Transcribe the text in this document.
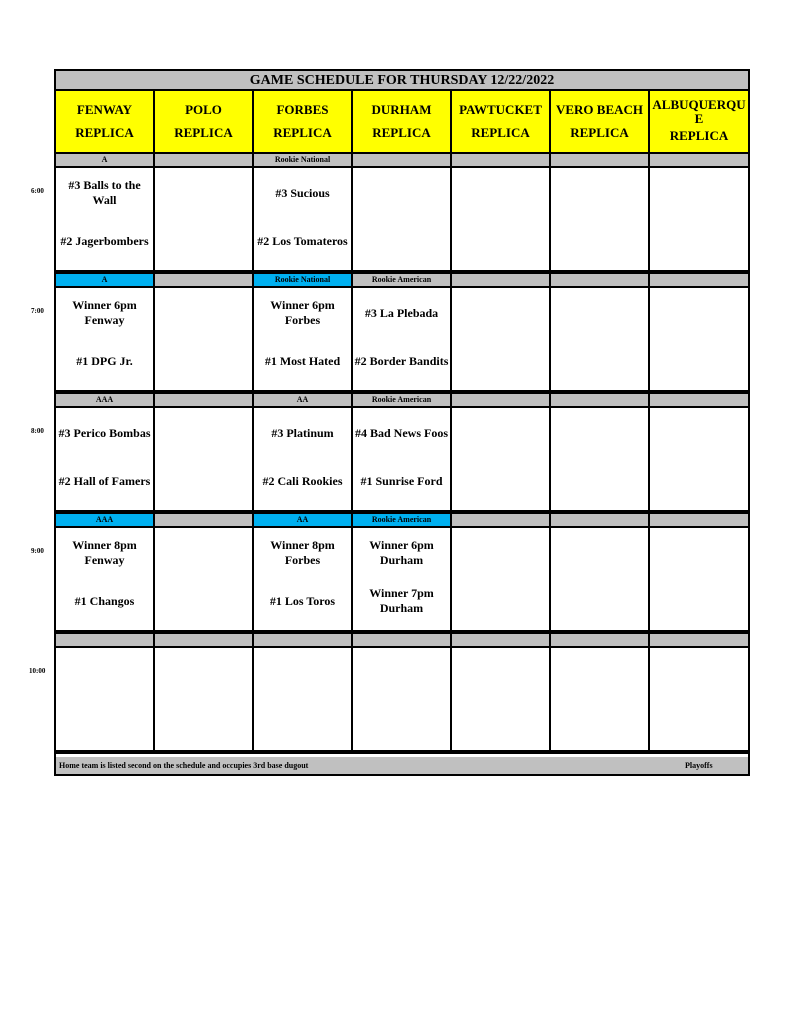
GAME SCHEDULE FOR THURSDAY 12/22/2022
FENWAY
REPLICA
POLO
REPLICA
FORBES
REPLICA
DURHAM
REPLICA
PAWTUCKET
REPLICA
VERO BEACH
REPLICA
ALBUQUERQU
E
REPLICA
A
#3 Balls to the Wall
#2 Jagerbombers
Rookie National
#3 Sucious
#2 Los Tomateros
A
Winner 6pm Fenway
#1 DPG Jr.
Rookie National
Winner 6pm Forbes
#1 Most Hated
Rookie American
#3 La Plebada
#2 Border Bandits
AAA
#3 Perico Bombas
#2 Hall of Famers
AA
#3 Platinum
#2 Cali Rookies
Rookie American
#4 Bad News Foos
#1 Sunrise Ford
AAA
Winner 8pm Fenway
#1 Changos
AA
Winner 8pm Forbes
#1 Los Toros
Rookie American
Winner 6pm Durham
Winner 7pm Durham
Home team is listed second on the schedule and occupies 3rd base dugout	Playoffs
6:00
7:00
8:00
9:00
10:00
